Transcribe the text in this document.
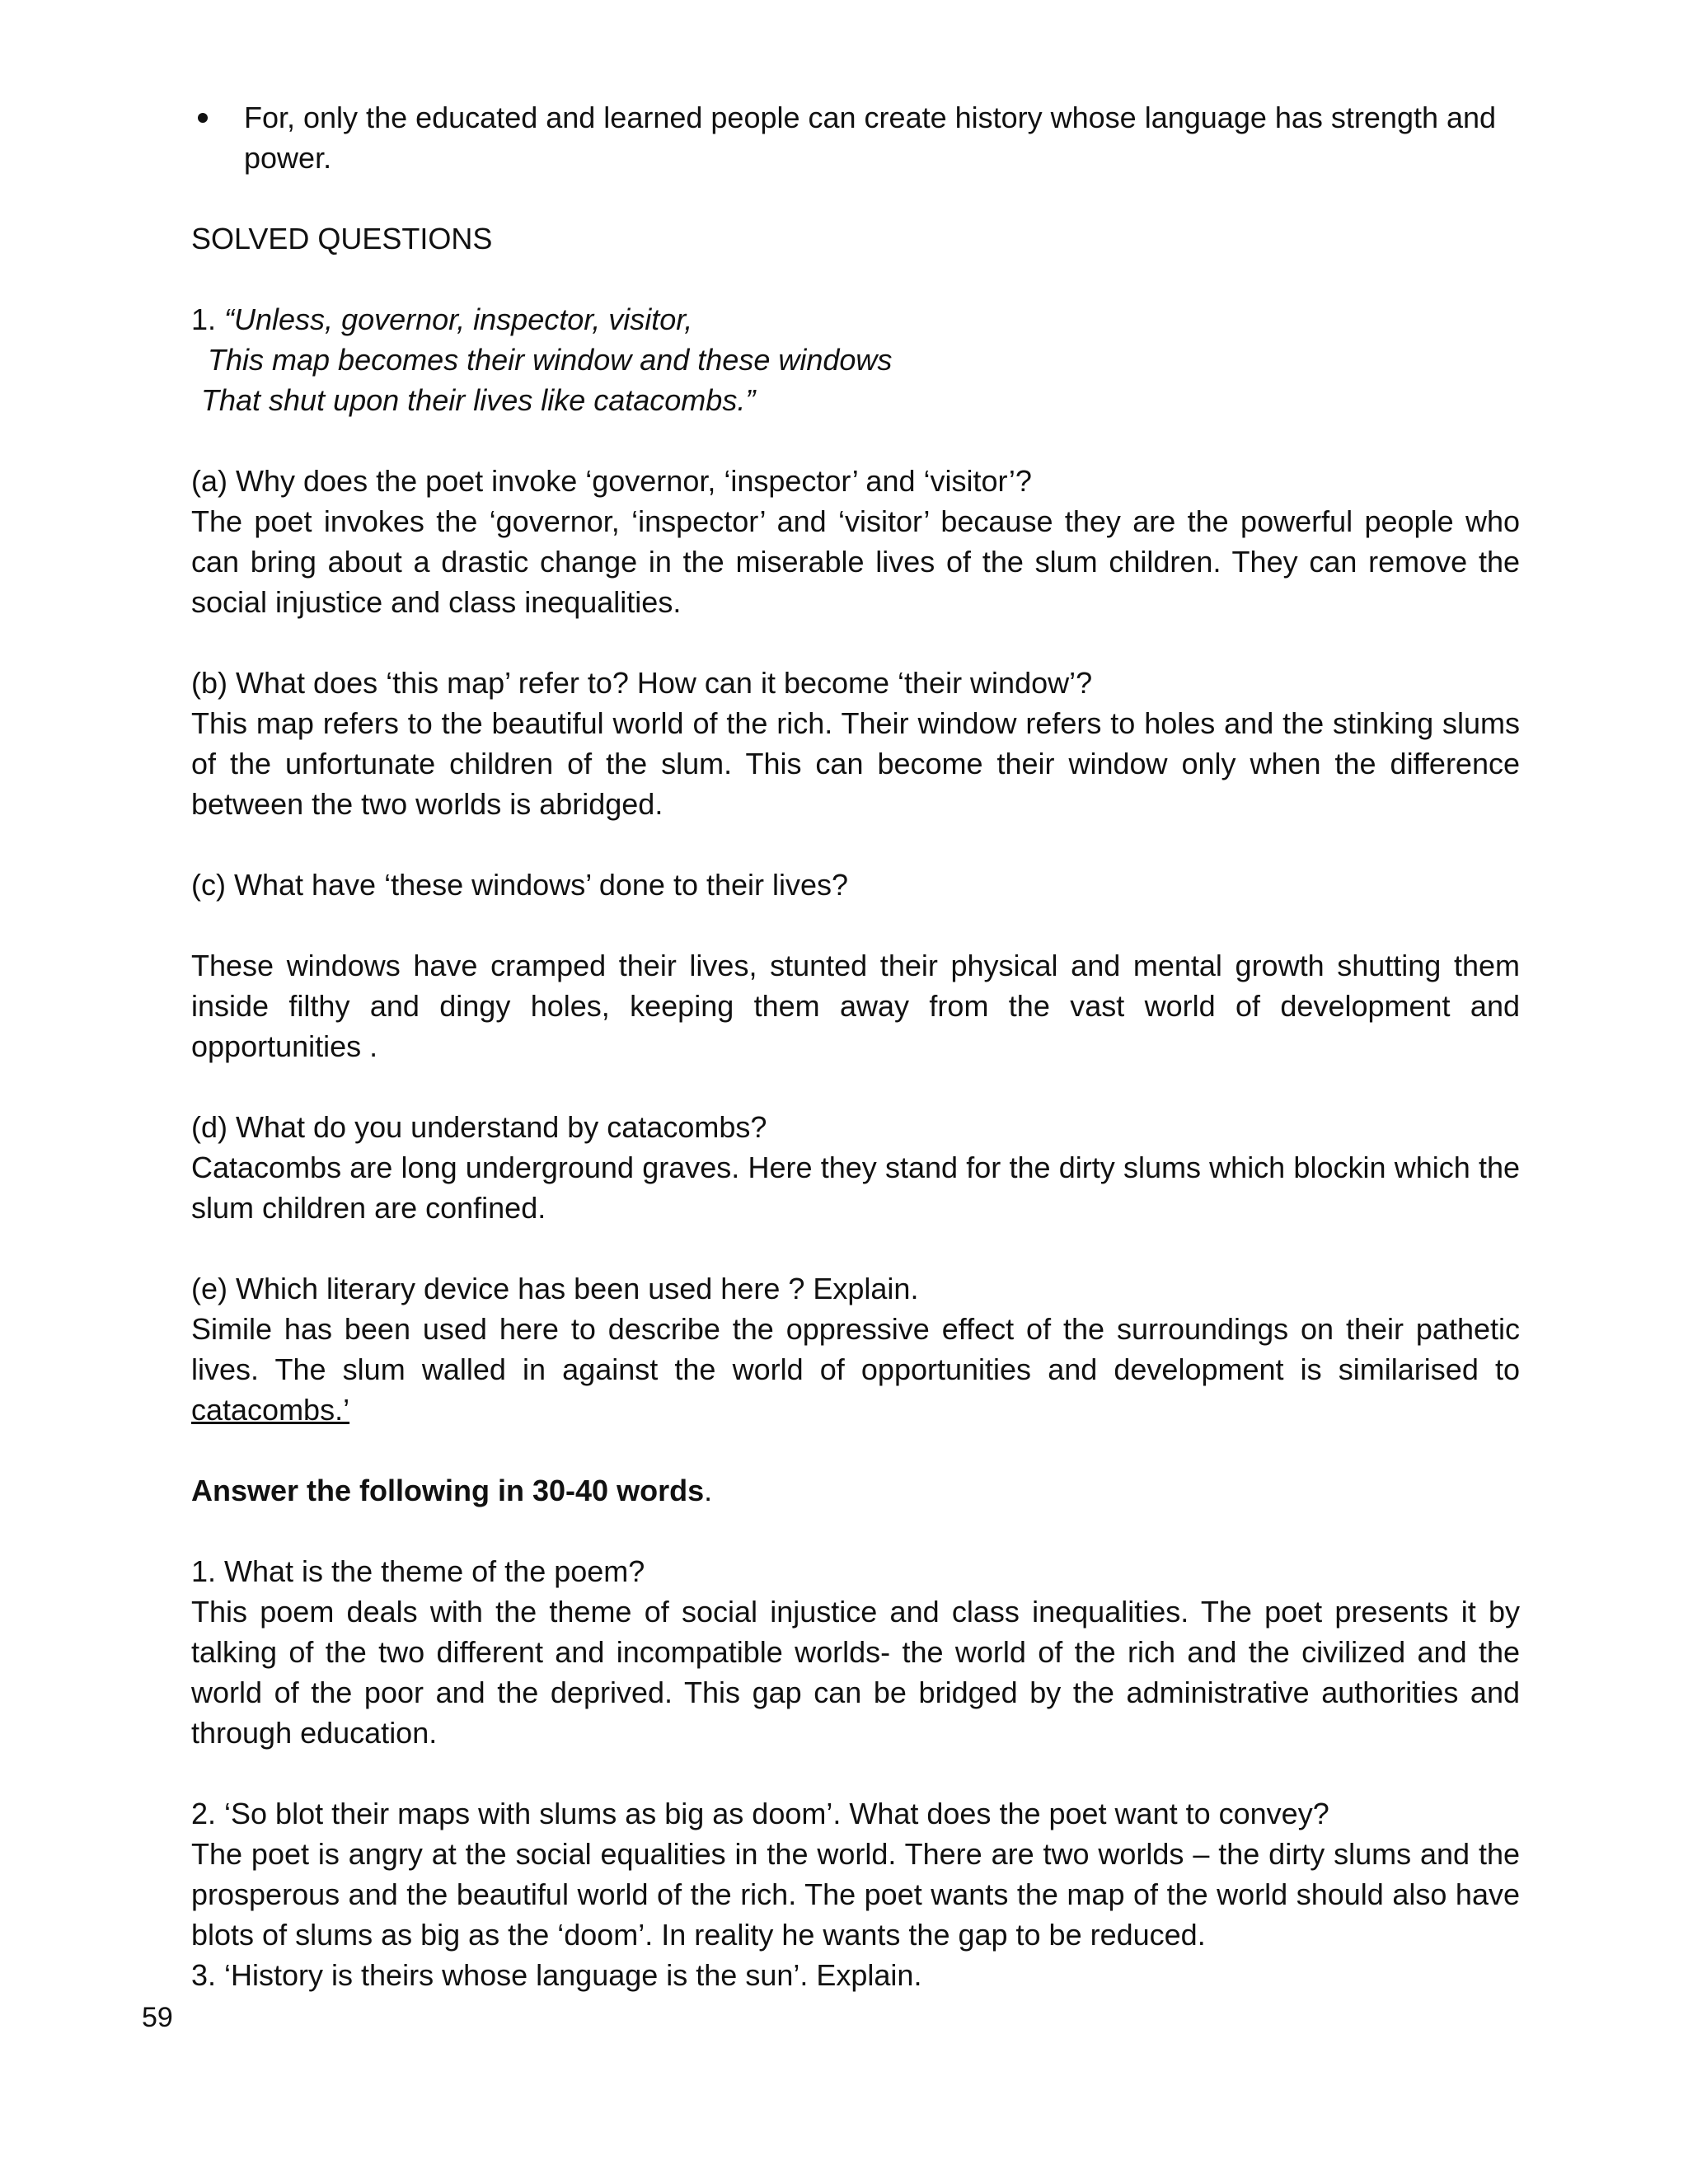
For, only the educated and learned people can create history whose language has strength and power.

SOLVED QUESTIONS

1. “Unless, governor, inspector, visitor,

This map becomes their window and these windows

That shut upon their lives like catacombs.”

(a) Why does the poet invoke ‘governor, ‘inspector’ and ‘visitor’?

The poet invokes the ‘governor, ‘inspector’ and ‘visitor’ because they are the powerful people who can bring about a drastic change in the miserable lives of the slum children. They can remove the social injustice and class inequalities.

(b) What does ‘this map’ refer to? How can it become ‘their window’?

This map refers to the beautiful world of the rich. Their window refers to holes and the stinking slums of the unfortunate children of the slum. This can become their window only when the difference between the two worlds is abridged.

(c) What have ‘these windows’ done to their lives?

These windows have cramped their lives, stunted their physical and mental growth shutting them inside filthy and dingy holes, keeping them away from the vast world of development and opportunities .

(d) What do you understand by catacombs?

Catacombs are long underground graves. Here they stand for the dirty slums which blockin which the slum children are confined.

(e) Which literary device has been used here ? Explain.

Simile has been used here to describe the oppressive effect of the surroundings on their pathetic lives. The slum walled in against the world of opportunities and development is similarised to catacombs.’

Answer the following in 30-40 words.

1. What is the theme of the poem?

This poem deals with the theme of social injustice and class inequalities. The poet presents it by talking of the two different and incompatible worlds- the world of the rich and the civilized and the world of the poor and the deprived. This gap can be bridged by the administrative authorities and through education.

2. ‘So blot their maps with slums as big as doom’. What does the poet want to convey?

The poet is angry at the social equalities in the world. There are two worlds – the dirty slums and the prosperous and the beautiful world of the rich. The poet wants the map of the world should also have blots of slums as big as the ‘doom’. In reality he wants the gap to be reduced.

3. ‘History is theirs whose language is the sun’. Explain.

59
